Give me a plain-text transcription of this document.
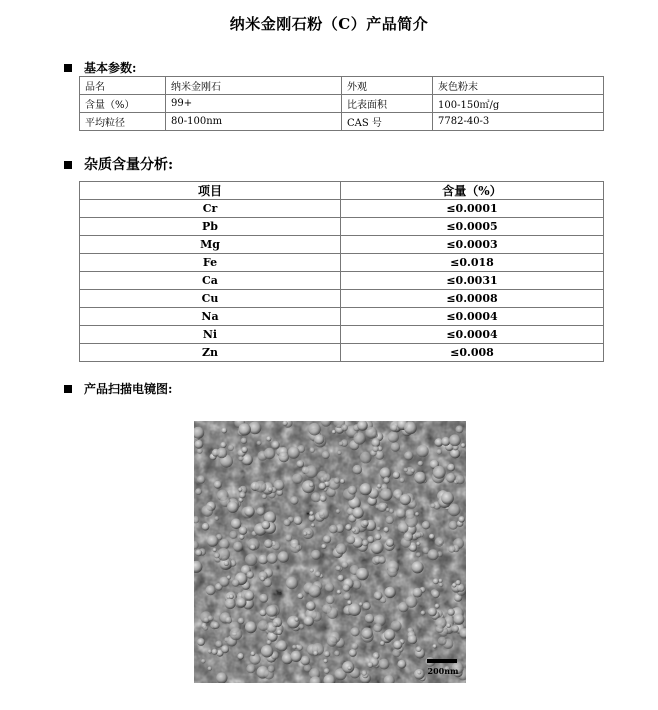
纳米金刚石粉（C）产品简介
基本参数:
品名	纳米金刚石	外观	灰色粉末
含量（%）	99+	比表面积	100-150㎡/g
平均粒径	80-100nm	CAS 号	7782-40-3
杂质含量分析:
项目	含量（%）
Cr	≤0.0001
Pb	≤0.0005
Mg	≤0.0003
Fe	≤0.018
Ca	≤0.0031
Cu	≤0.0008
Na	≤0.0004
Ni	≤0.0004
Zn	≤0.008
产品扫描电镜图:
200nm
